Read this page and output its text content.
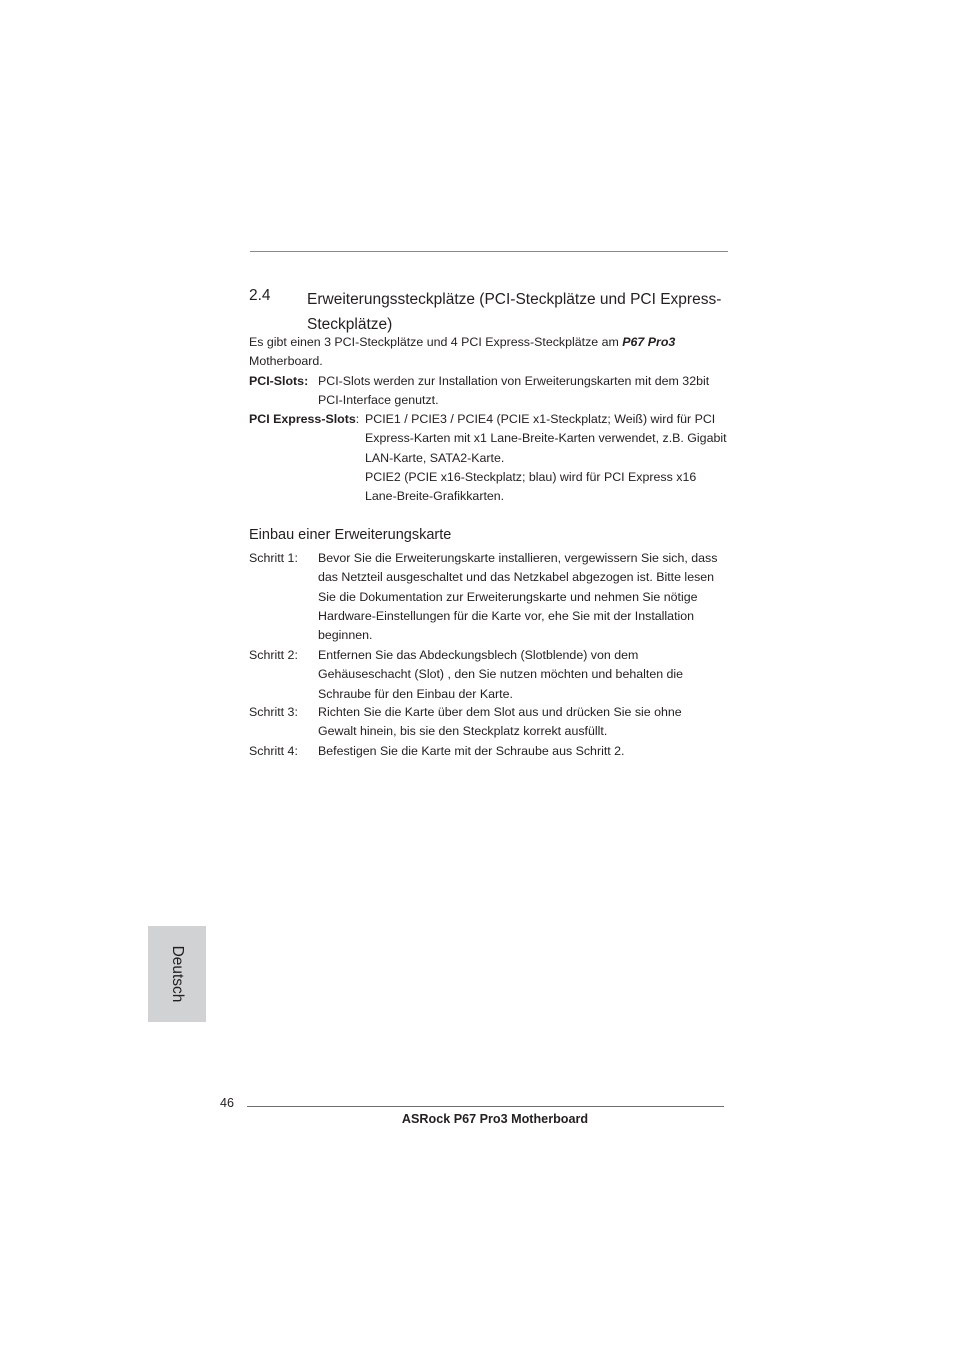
2.4 Erweiterungssteckplätze (PCI-Steckplätze und PCI Express-Steckplätze)
Es gibt einen 3 PCI-Steckplätze und 4 PCI Express-Steckplätze am P67 Pro3
Motherboard.
PCI-Slots: PCI-Slots werden zur Installation von Erweiterungskarten mit dem 32bit PCI-Interface genutzt.
PCI Express-Slots: PCIE1 / PCIE3 / PCIE4 (PCIE x1-Steckplatz; Weiß) wird für PCI Express-Karten mit x1 Lane-Breite-Karten verwendet, z.B. Gigabit LAN-Karte, SATA2-Karte.
PCIE2 (PCIE x16-Steckplatz; blau) wird für PCI Express x16 Lane-Breite-Grafikkarten.
Einbau einer Erweiterungskarte
Schritt 1: Bevor Sie die Erweiterungskarte installieren, vergewissern Sie sich, dass das Netzteil ausgeschaltet und das Netzkabel abgezogen ist. Bitte lesen Sie die Dokumentation zur Erweiterungskarte und nehmen Sie nötige Hardware-Einstellungen für die Karte vor, ehe Sie mit der Installation beginnen.
Schritt 2: Entfernen Sie das Abdeckungsblech (Slotblende) von dem Gehäuseschacht (Slot) , den Sie nutzen möchten und behalten die Schraube für den Einbau der Karte.
Schritt 3: Richten Sie die Karte über dem Slot aus und drücken Sie sie ohne Gewalt hinein, bis sie den Steckplatz korrekt ausfüllt.
Schritt 4: Befestigen Sie die Karte mit der Schraube aus Schritt 2.
Deutsch
46
ASRock P67 Pro3 Motherboard
